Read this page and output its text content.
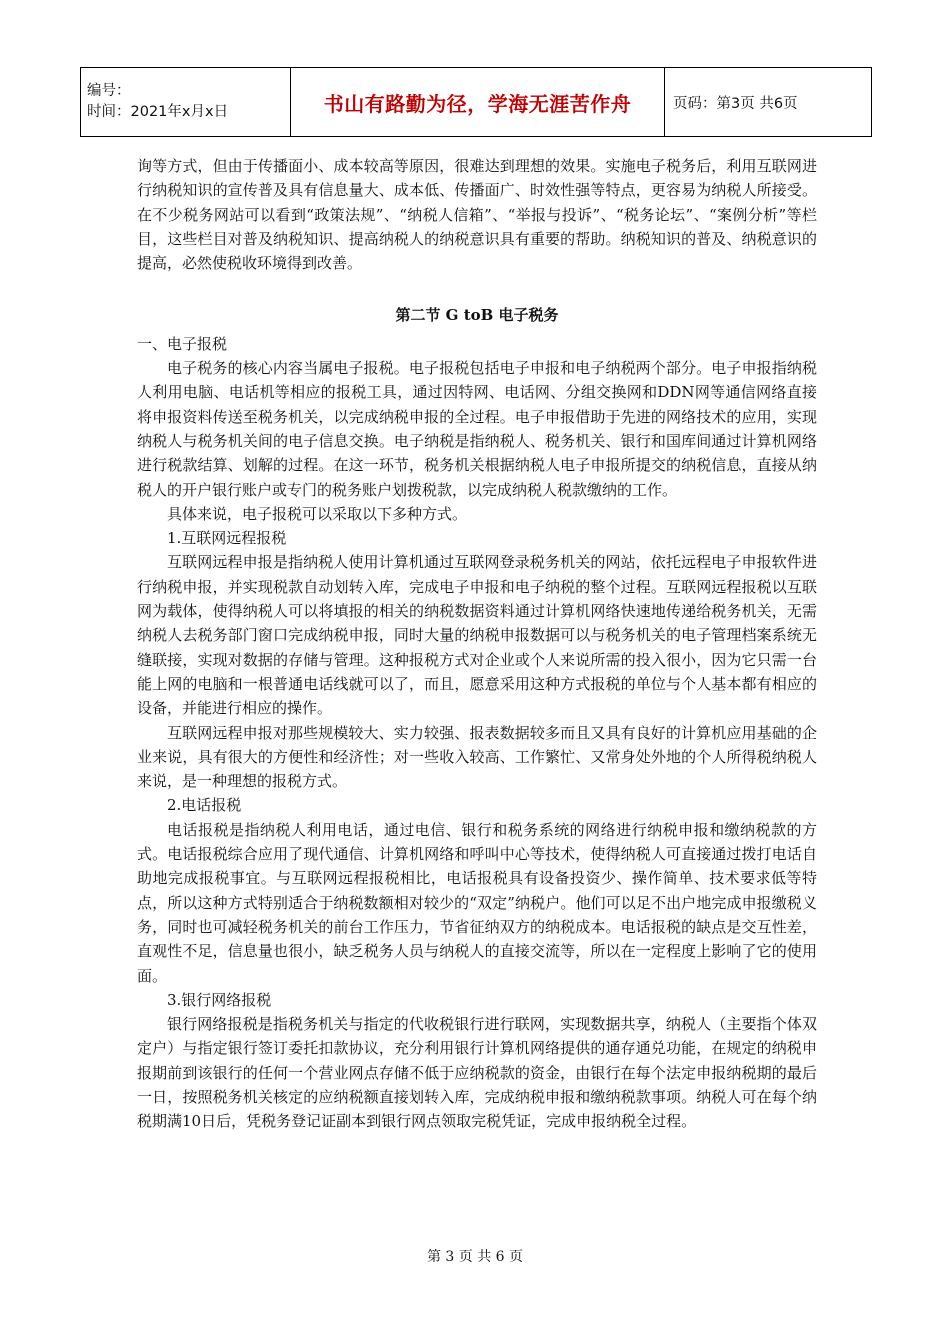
编号：
时间：2021年x月x日	书山有路勤为径，学海无涯苦作舟	页码：第3页 共6页

询等方式，但由于传播面小、成本较高等原因，很难达到理想的效果。实施电子税务后，利用互联网进行纳税知识的宣传普及具有信息量大、成本低、传播面广、时效性强等特点，更容易为纳税人所接受。在不少税务网站可以看到“政策法规”、“纳税人信箱”、“举报与投诉”、“税务论坛”、“案例分析”等栏目，这些栏目对普及纳税知识、提高纳税人的纳税意识具有重要的帮助。纳税知识的普及、纳税意识的提高，必然使税收环境得到改善。

第二节 G toB 电子税务

一、电子报税

电子税务的核心内容当属电子报税。电子报税包括电子申报和电子纳税两个部分。电子申报指纳税人利用电脑、电话机等相应的报税工具，通过因特网、电话网、分组交换网和DDN网等通信网络直接将申报资料传送至税务机关，以完成纳税申报的全过程。电子申报借助于先进的网络技术的应用，实现纳税人与税务机关间的电子信息交换。电子纳税是指纳税人、税务机关、银行和国库间通过计算机网络进行税款结算、划解的过程。在这一环节，税务机关根据纳税人电子申报所提交的纳税信息，直接从纳税人的开户银行账户或专门的税务账户划拨税款，以完成纳税人税款缴纳的工作。

具体来说，电子报税可以采取以下多种方式。

1.互联网远程报税

互联网远程申报是指纳税人使用计算机通过互联网登录税务机关的网站，依托远程电子申报软件进行纳税申报，并实现税款自动划转入库，完成电子申报和电子纳税的整个过程。互联网远程报税以互联网为载体，使得纳税人可以将填报的相关的纳税数据资料通过计算机网络快速地传递给税务机关，无需纳税人去税务部门窗口完成纳税申报，同时大量的纳税申报数据可以与税务机关的电子管理档案系统无缝联接，实现对数据的存储与管理。这种报税方式对企业或个人来说所需的投入很小，因为它只需一台能上网的电脑和一根普通电话线就可以了，而且，愿意采用这种方式报税的单位与个人基本都有相应的设备，并能进行相应的操作。

互联网远程申报对那些规模较大、实力较强、报表数据较多而且又具有良好的计算机应用基础的企业来说，具有很大的方便性和经济性；对一些收入较高、工作繁忙、又常身处外地的个人所得税纳税人来说，是一种理想的报税方式。

2.电话报税

电话报税是指纳税人利用电话，通过电信、银行和税务系统的网络进行纳税申报和缴纳税款的方式。电话报税综合应用了现代通信、计算机网络和呼叫中心等技术，使得纳税人可直接通过拨打电话自助地完成报税事宜。与互联网远程报税相比，电话报税具有设备投资少、操作简单、技术要求低等特点，所以这种方式特别适合于纳税数额相对较少的“双定”纳税户。他们可以足不出户地完成申报缴税义务，同时也可减轻税务机关的前台工作压力，节省征纳双方的纳税成本。电话报税的缺点是交互性差，直观性不足，信息量也很小，缺乏税务人员与纳税人的直接交流等，所以在一定程度上影响了它的使用面。

3.银行网络报税

银行网络报税是指税务机关与指定的代收税银行进行联网，实现数据共享，纳税人（主要指个体双定户）与指定银行签订委托扣款协议，充分利用银行计算机网络提供的通存通兑功能，在规定的纳税申报期前到该银行的任何一个营业网点存储不低于应纳税款的资金，由银行在每个法定申报纳税期的最后一日，按照税务机关核定的应纳税额直接划转入库，完成纳税申报和缴纳税款事项。纳税人可在每个纳税期满10日后，凭税务登记证副本到银行网点领取完税凭证，完成申报纳税全过程。

第 3 页 共 6 页
